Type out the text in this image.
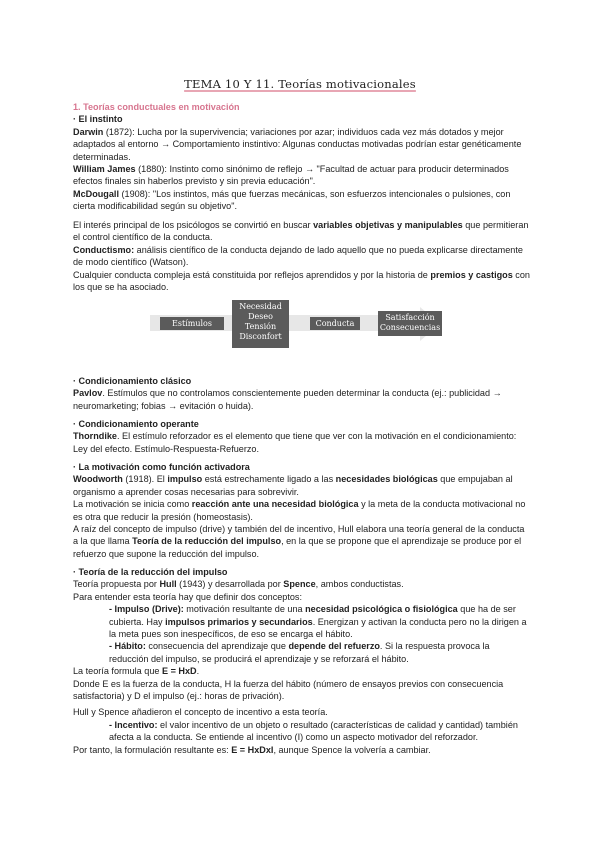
TEMA 10 Y 11. Teorías motivacionales

1. Teorías conductuales en motivación

· El instinto

Darwin (1872): Lucha por la supervivencia; variaciones por azar; individuos cada vez más dotados y mejor adaptados al entorno → Comportamiento instintivo: Algunas conductas motivadas podrían estar genéticamente determinadas.

William James (1880): Instinto como sinónimo de reflejo → "Facultad de actuar para producir determinados efectos finales sin haberlos previsto y sin previa educación".

McDougall (1908): "Los instintos, más que fuerzas mecánicas, son esfuerzos intencionales o pulsiones, con cierta modificabilidad según su objetivo".

El interés principal de los psicólogos se convirtió en buscar variables objetivas y manipulables que permitieran el control científico de la conducta.

Conductismo: análisis científico de la conducta dejando de lado aquello que no pueda explicarse directamente de modo científico (Watson).

Cualquier conducta compleja está constituida por reflejos aprendidos y por la historia de premios y castigos con los que se ha asociado.

Estímulos
Necesidad
Deseo
Tensión
Disconfort
Conducta
Satisfacción
Consecuencias

· Condicionamiento clásico

Pavlov. Estímulos que no controlamos conscientemente pueden determinar la conducta (ej.: publicidad → neuromarketing; fobias → evitación o huida).

· Condicionamiento operante

Thorndike. El estímulo reforzador es el elemento que tiene que ver con la motivación en el condicionamiento: Ley del efecto. Estímulo-Respuesta-Refuerzo.

· La motivación como función activadora

Woodworth (1918). El impulso está estrechamente ligado a las necesidades biológicas que empujaban al organismo a aprender cosas necesarias para sobrevivir.

La motivación se inicia como reacción ante una necesidad biológica y la meta de la conducta motivacional no es otra que reducir la presión (homeostasis).

A raíz del concepto de impulso (drive) y también del de incentivo, Hull elabora una teoría general de la conducta a la que llama Teoría de la reducción del impulso, en la que se propone que el aprendizaje se produce por el refuerzo que supone la reducción del impulso.

· Teoría de la reducción del impulso

Teoría propuesta por Hull (1943) y desarrollada por Spence, ambos conductistas.

Para entender esta teoría hay que definir dos conceptos:

- Impulso (Drive): motivación resultante de una necesidad psicológica o fisiológica que ha de ser cubierta. Hay impulsos primarios y secundarios. Energizan y activan la conducta pero no la dirigen a la meta pues son inespecíficos, de eso se encarga el hábito.

- Hábito: consecuencia del aprendizaje que depende del refuerzo. Si la respuesta provoca la reducción del impulso, se producirá el aprendizaje y se reforzará el hábito.

La teoría formula que E = HxD.

Donde E es la fuerza de la conducta, H la fuerza del hábito (número de ensayos previos con consecuencia satisfactoria) y D el impulso (ej.: horas de privación).

Hull y Spence añadieron el concepto de incentivo a esta teoría.

- Incentivo: el valor incentivo de un objeto o resultado (características de calidad y cantidad) también afecta a la conducta. Se entiende al incentivo (I) como un aspecto motivador del reforzador.

Por tanto, la formulación resultante es: E = HxDxI, aunque Spence la volvería a cambiar.
